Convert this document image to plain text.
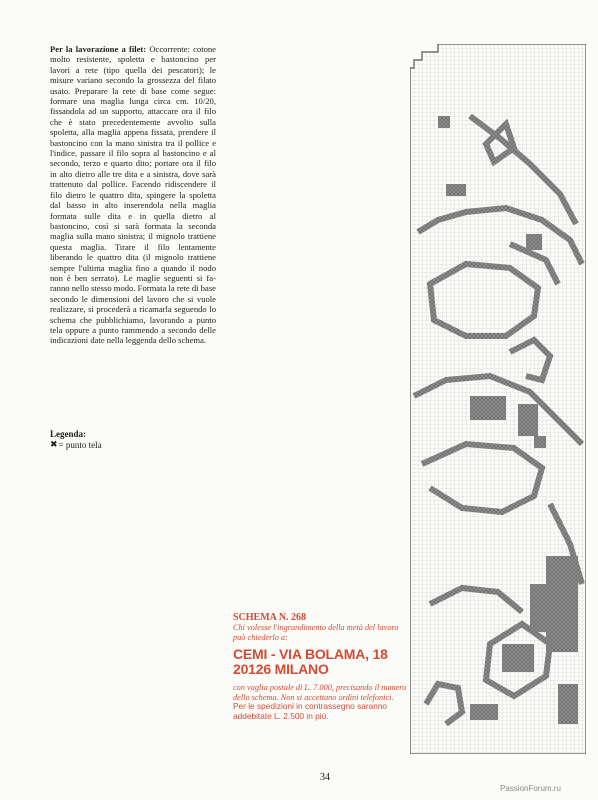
Per la lavorazione a filet: Occorrente: cotone molto resistente, spoletta e bastoncino per lavori a rete (tipo quella dei pescatori); le misure variano secondo la grossezza del filato usato. Preparare la rete di base come segue: formare una maglia lunga circa cm. 10/20, fissandola ad un supporto, attaccare ora il filo che è stato precedentemente avvolto sulla spoletta, alla maglia appena fissata, prendere il bastoncino con la mano sinistra tra il pollice e l'indice, passare il filo sopra al bastoncino e al secondo, terzo e quarto dito; portare ora il filo in alto dietro alle tre dita e a sinistra, dove sarà trattenuto dal pollice. Facendo ridiscendere il filo dietro le quattro dita, spingere la spoletta dal basso in alto inserendola nella maglia formata sulle dita e in quella dietro al bastoncino, così si sarà formata la seconda maglia sulla mano sinistra; il mignolo trattiene questa maglia. Tirare il filo lentamente liberando le quattro dita (il mignolo trattiene sempre l'ultima maglia fino a quando il nodo non è ben serrato). Le maglie seguenti si faranno nello stesso modo. Formata la rete di base secondo le dimensioni del lavoro che si vuole realizzare, si procederà a ricamarla seguendo lo schema che pubblichiamo, lavorando a punto tela oppure a punto rammendo a secondo delle indicazioni date nella leggenda dello schema.

Legenda:
✖ = punto tela
SCHEMA N. 268
Chi volesse l'ingrandimento della metà del lavoro può chiederlo a:
CEMI - VIA BOLAMA, 18
20126 MILANO
con vaglia postale di L. 7.000, precisando il numero dello schema. Non si accettano ordini telefonici.
Per le spedizioni in contrassegno saranno addebitate L. 2.500 in più.
34
PassionForum.ru
